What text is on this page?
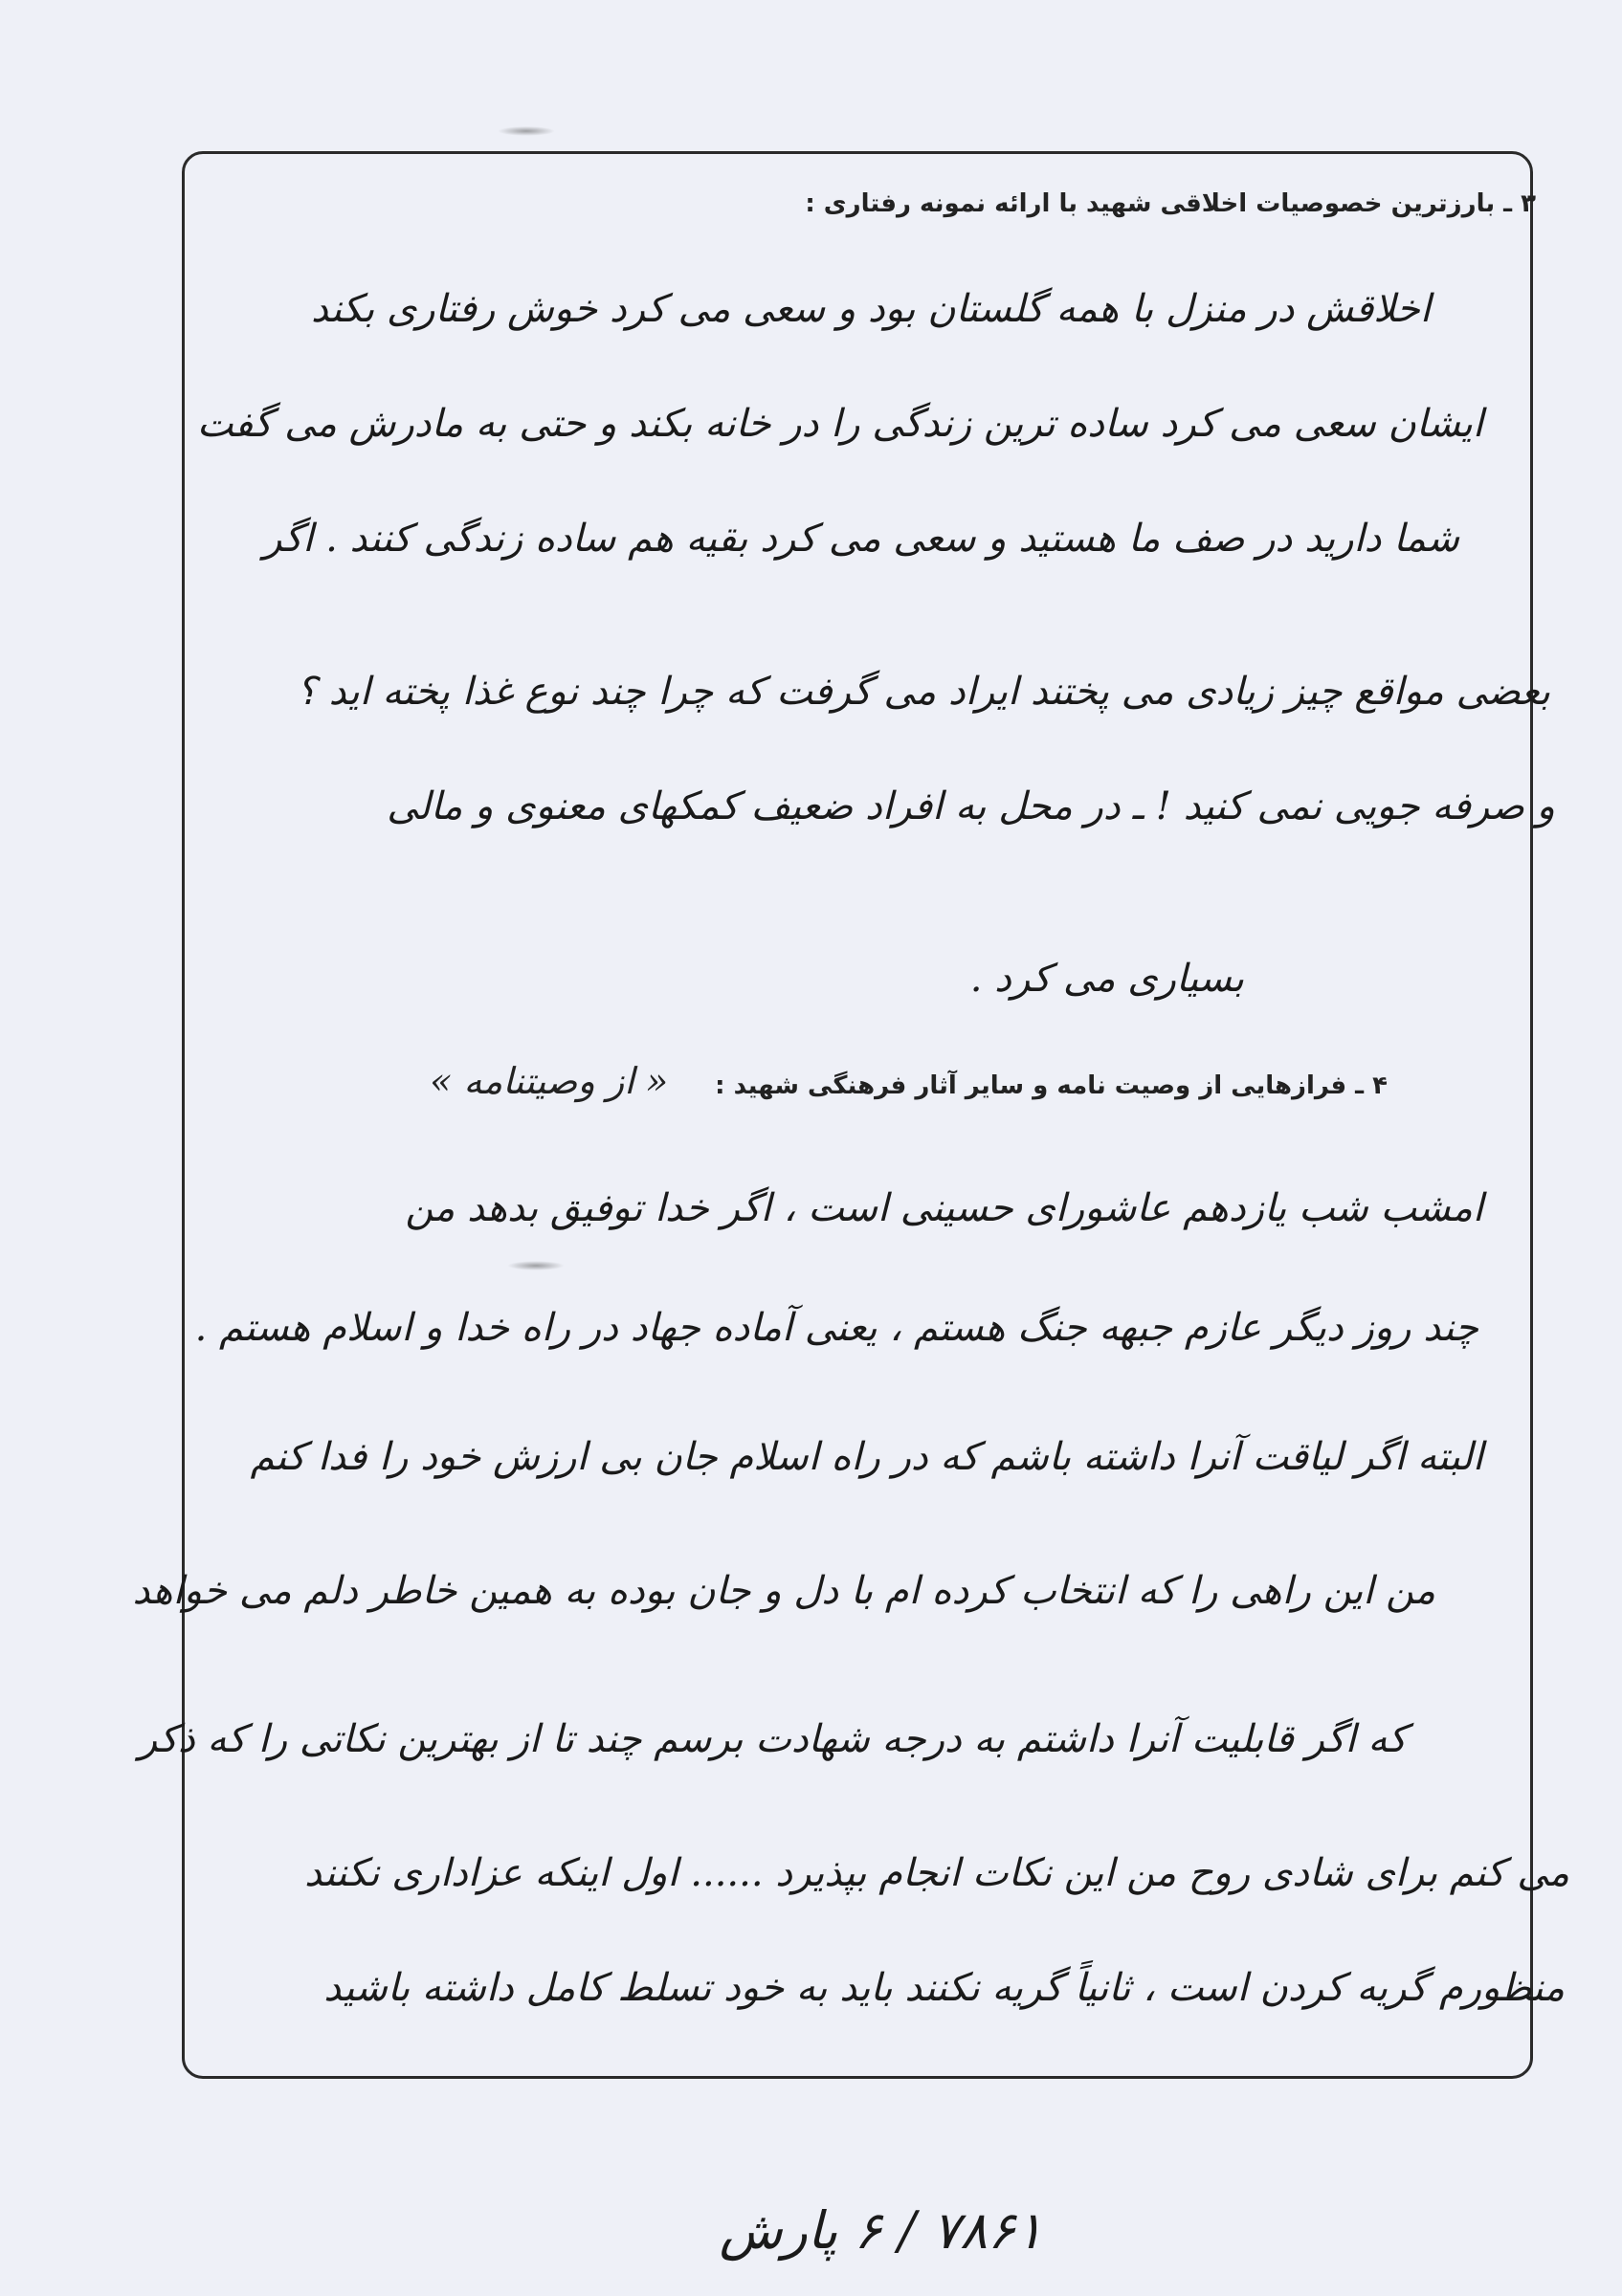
۳ ـ بارزترین خصوصیات اخلاقی شهید با ارائه نمونه رفتاری :
اخلاقش در منزل با همه گلستان بود و سعی می کرد خوش رفتاری بکند
ایشان سعی می کرد ساده ترین زندگی را در خانه بکند و حتی به مادرش می گفت
شما دارید در صف ما هستید و سعی می کرد بقیه هم ساده زندگی کنند . اگر
بعضی مواقع چیز زیادی می پختند ایراد می گرفت که چرا چند نوع غذا پخته اید ؟
و صرفه جویی نمی کنید ! ـ در محل به افراد ضعیف کمکهای معنوی و مالی
بسیاری می کرد .
۴ ـ فرازهایی از وصیت نامه و سایر آثار فرهنگی شهید : « از وصیتنامه »
امشب شب یازدهم عاشورای حسینی است ، اگر خدا توفیق بدهد من
چند روز دیگر عازم جبهه جنگ هستم ، یعنی آماده جهاد در راه خدا و اسلام هستم .
البته اگر لیاقت آنرا داشته باشم که در راه اسلام جان بی ارزش خود را فدا کنم
من این راهی را که انتخاب کرده ام با دل و جان بوده به همین خاطر دلم می خواهد
که اگر قابلیت آنرا داشتم به درجه شهادت برسم چند تا از بهترین نکاتی را که ذکر
می کنم برای شادی روح من این نکات انجام بپذیرد ...... اول اینکه عزاداری نکنند
منظورم گریه کردن است ، ثانیاً گریه نکنند باید به خود تسلط کامل داشته باشید
۷۸۶۱ / ۶ پارش
